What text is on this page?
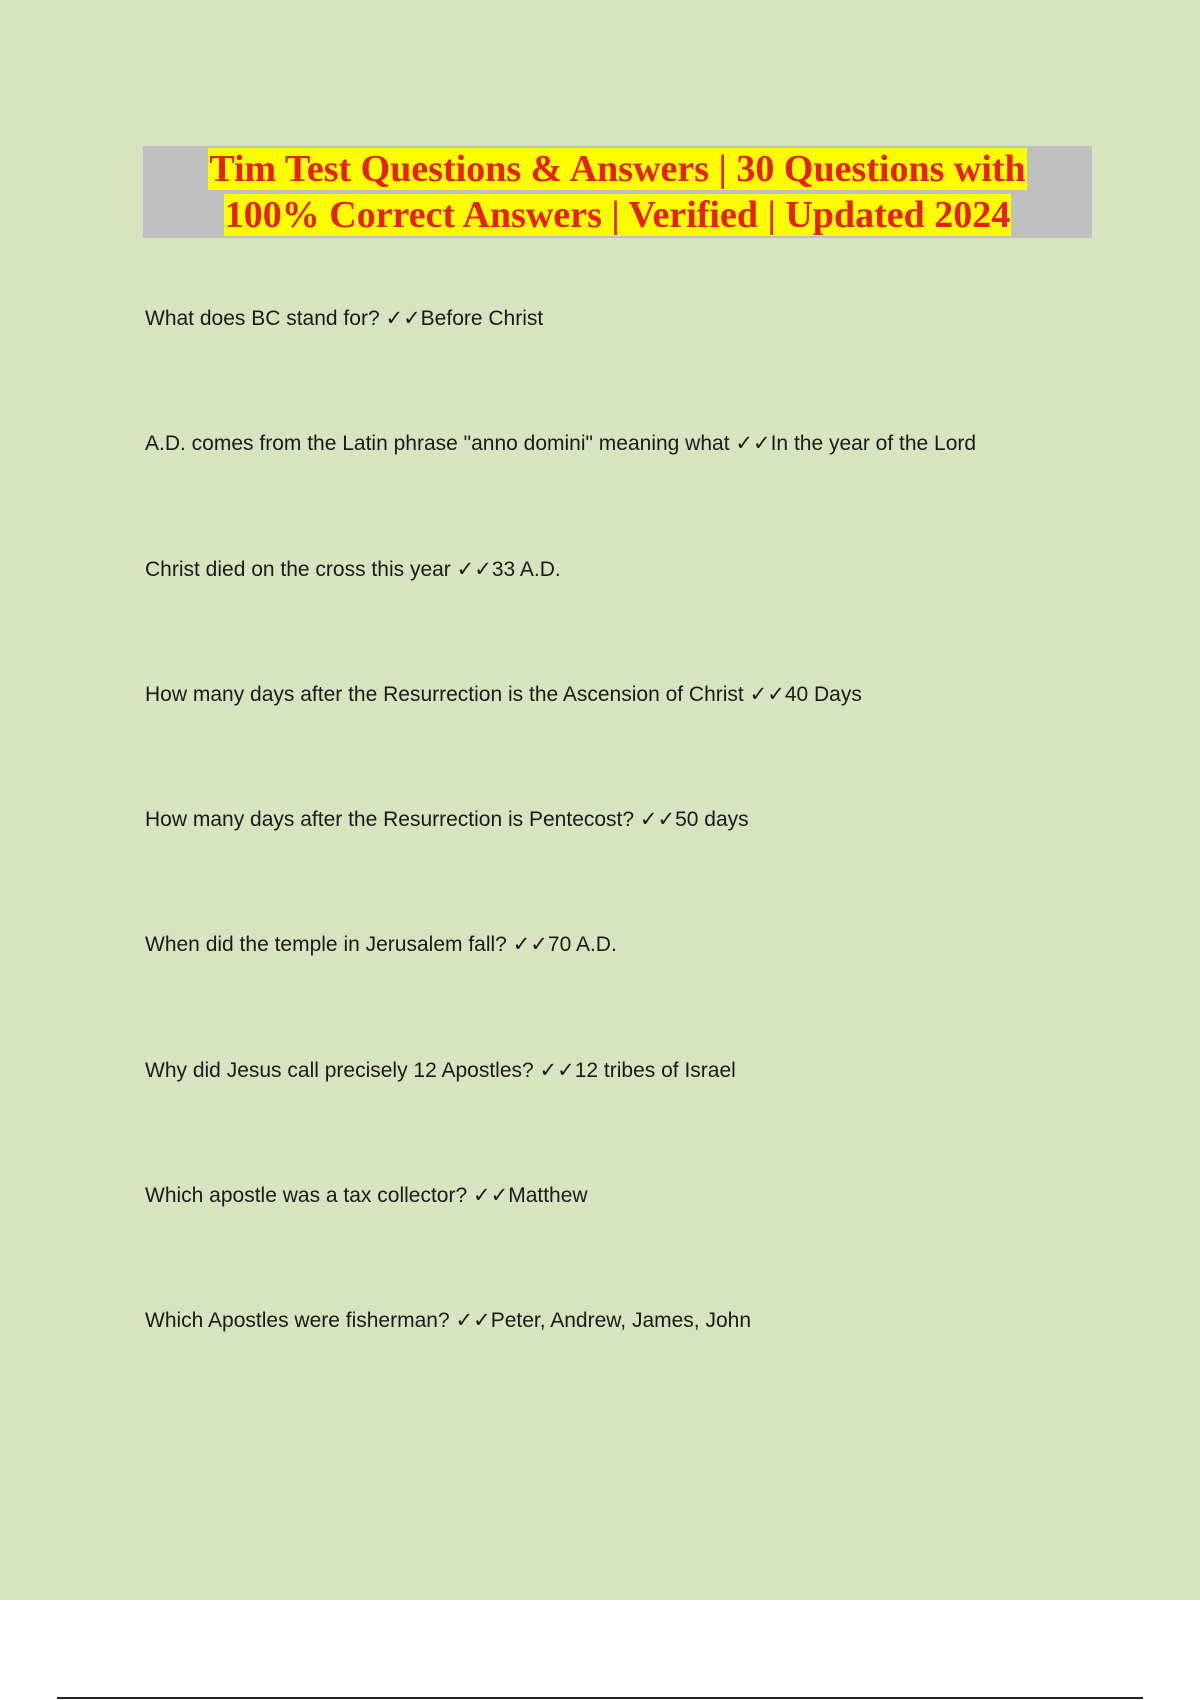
Tim Test Questions & Answers | 30 Questions with
100% Correct Answers | Verified | Updated 2024
What does BC stand for? ✓✓Before Christ
A.D. comes from the Latin phrase "anno domini" meaning what ✓✓In the year of the Lord
Christ died on the cross this year ✓✓33 A.D.
How many days after the Resurrection is the Ascension of Christ ✓✓40 Days
How many days after the Resurrection is Pentecost? ✓✓50 days
When did the temple in Jerusalem fall? ✓✓70 A.D.
Why did Jesus call precisely 12 Apostles? ✓✓12 tribes of Israel
Which apostle was a tax collector? ✓✓Matthew
Which Apostles were fisherman? ✓✓Peter, Andrew, James, John
